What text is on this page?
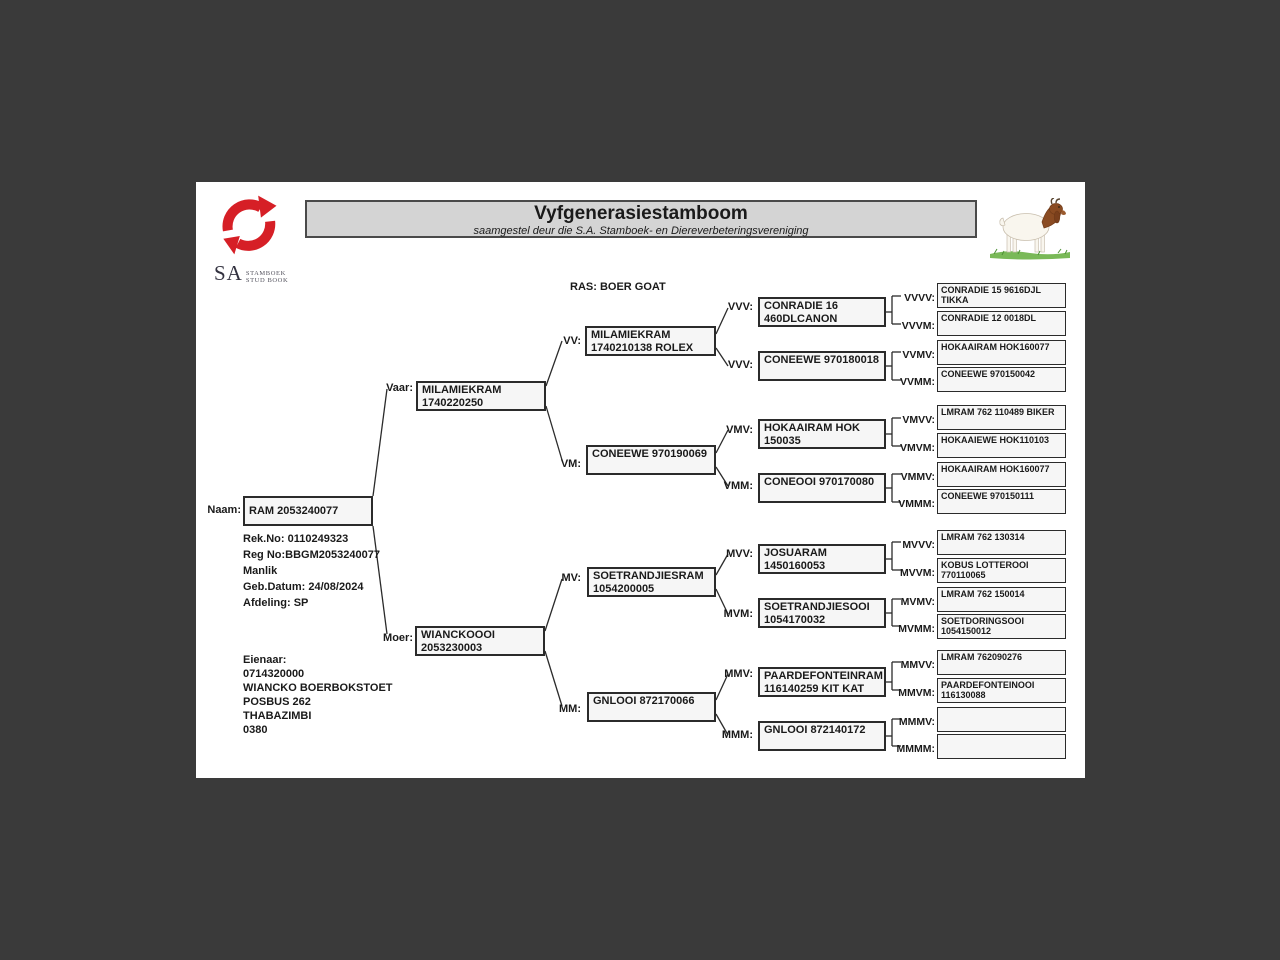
SA STAMBOEK
STUD BOOK
Vyfgenerasiestamboom
saamgestel deur die S.A. Stamboek- en Diereverbeteringsvereniging
RAS: BOER GOAT
Naam: RAM 2053240077
Rek.No: 0110249323
Reg No:BBGM2053240077
Manlik
Geb.Datum: 24/08/2024
Afdeling: SP
Eienaar:
0714320000
WIANCKO BOERBOKSTOET
POSBUS 262
THABAZIMBI
0380
Vaar: MILAMIEKRAM
1740220250
Moer: WIANCKOOOI
2053230003
VV: MILAMIEKRAM
1740210138 ROLEX
VM:
CONEEWE 970190069
MV: SOETRANDJIESRAM
1054200005
MM:
GNLOOI 872170066
VVV: CONRADIE 16
460DLCANON
VVV: CONEEWE 970180018
VMV: HOKAAIRAM HOK
150035
VMM: CONEOOI 970170080
MVV: JOSUARAM
1450160053
MVM:
SOETRANDJIESOOI
1054170032
MMV: PAARDEFONTEINRAM
116140259 KIT KAT
MMM: GNLOOI 872140172
VVVV:
CONRADIE 15 9616DJL TIKKA
VVVM:
CONRADIE 12 0018DL
VVMV:
HOKAAIRAM HOK160077
VVMM:
CONEEWE 970150042
VMVV:
LMRAM 762 110489 BIKER
VMVM:
HOKAAIEWE HOK110103
VMMV:
HOKAAIRAM HOK160077
VMMM:
CONEEWE 970150111
MVVV:
LMRAM 762 130314
MVVM:
KOBUS LOTTEROOI
770110065
MVMV:
LMRAM 762 150014
MVMM:
SOETDORINGSOOI
1054150012
MMVV:
LMRAM 762090276
MMVM:
PAARDEFONTEINOOI
116130088
MMMV:
MMMM:
